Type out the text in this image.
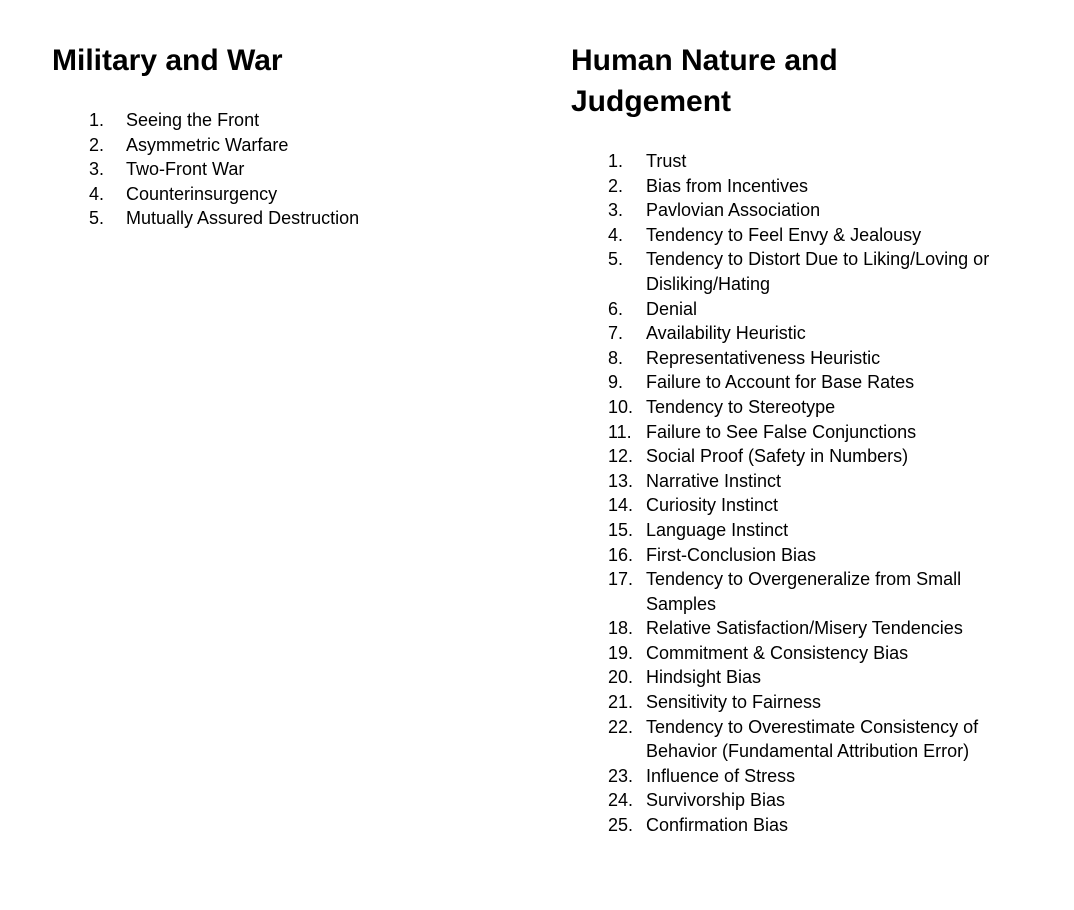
Military and War
1. Seeing the Front
2. Asymmetric Warfare
3. Two-Front War
4. Counterinsurgency
5. Mutually Assured Destruction
Human Nature and Judgement
1. Trust
2. Bias from Incentives
3. Pavlovian Association
4. Tendency to Feel Envy & Jealousy
5. Tendency to Distort Due to Liking/Loving or Disliking/Hating
6. Denial
7. Availability Heuristic
8. Representativeness Heuristic
9. Failure to Account for Base Rates
10. Tendency to Stereotype
11. Failure to See False Conjunctions
12. Social Proof (Safety in Numbers)
13. Narrative Instinct
14. Curiosity Instinct
15. Language Instinct
16. First-Conclusion Bias
17. Tendency to Overgeneralize from Small Samples
18. Relative Satisfaction/Misery Tendencies
19. Commitment & Consistency Bias
20. Hindsight Bias
21. Sensitivity to Fairness
22. Tendency to Overestimate Consistency of Behavior (Fundamental Attribution Error)
23. Influence of Stress
24. Survivorship Bias
25. Confirmation Bias
